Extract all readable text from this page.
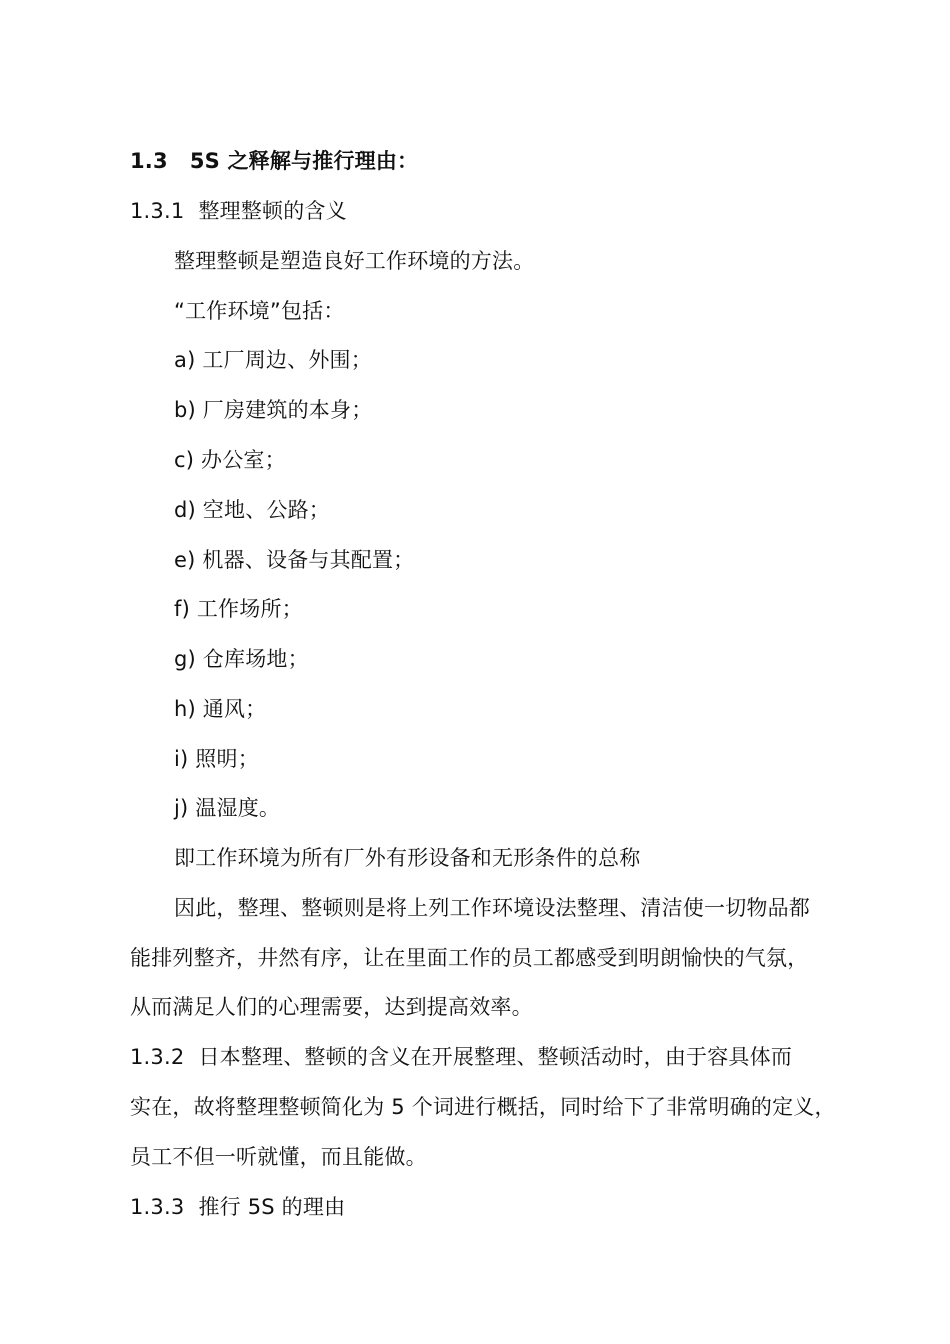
1.3 5S 之释解与推行理由：
1.3.1 整理整顿的含义
整理整顿是塑造良好工作环境的方法。
“工作环境”包括：
a) 工厂周边、外围；
b) 厂房建筑的本身；
c) 办公室；
d) 空地、公路；
e) 机器、设备与其配置；
f) 工作场所；
g) 仓库场地；
h) 通风；
i) 照明；
j) 温湿度。
即工作环境为所有厂外有形设备和无形条件的总称
因此，整理、整顿则是将上列工作环境设法整理、清洁使一切物品都
能排列整齐，井然有序，让在里面工作的员工都感受到明朗愉快的气氛，
从而满足人们的心理需要，达到提高效率。
1.3.2 日本整理、整顿的含义在开展整理、整顿活动时，由于容具体而
实在，故将整理整顿简化为 5 个词进行概括，同时给下了非常明确的定义，
员工不但一听就懂，而且能做。
1.3.3 推行 5S 的理由
